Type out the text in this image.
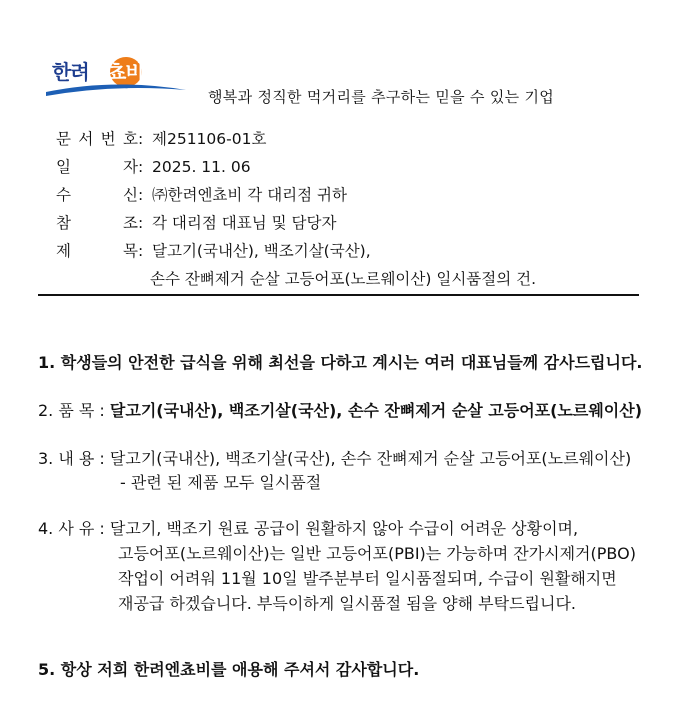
한려엔쵸비
행복과 정직한 먹거리를 추구하는 믿을 수 있는 기업
문 서 번 호 : 제251106-01호
일	자 : 2025. 11. 06
수	신 : ㈜한려엔쵸비 각 대리점 귀하
참	조 : 각 대리점 대표님 및 담당자
제	목 : 달고기(국내산), 백조기살(국산),
손수 잔뼈제거 순살 고등어포(노르웨이산) 일시품절의 건.
1. 학생들의 안전한 급식을 위해 최선을 다하고 계시는 여러 대표님들께 감사드립니다.
2. 품 목 : 달고기(국내산), 백조기살(국산), 손수 잔뼈제거 순살 고등어포(노르웨이산)
3. 내 용 : 달고기(국내산), 백조기살(국산), 손수 잔뼈제거 순살 고등어포(노르웨이산)
- 관련 된 제품 모두 일시품절
4. 사 유 : 달고기, 백조기 원료 공급이 원활하지 않아 수급이 어려운 상황이며,
고등어포(노르웨이산)는 일반 고등어포(PBI)는 가능하며 잔가시제거(PBO)
작업이 어려워 11월 10일 발주분부터 일시품절되며, 수급이 원활해지면
재공급 하겠습니다. 부득이하게 일시품절 됨을 양해 부탁드립니다.
5. 항상 저희 한려엔쵸비를 애용해 주셔서 감사합니다.
